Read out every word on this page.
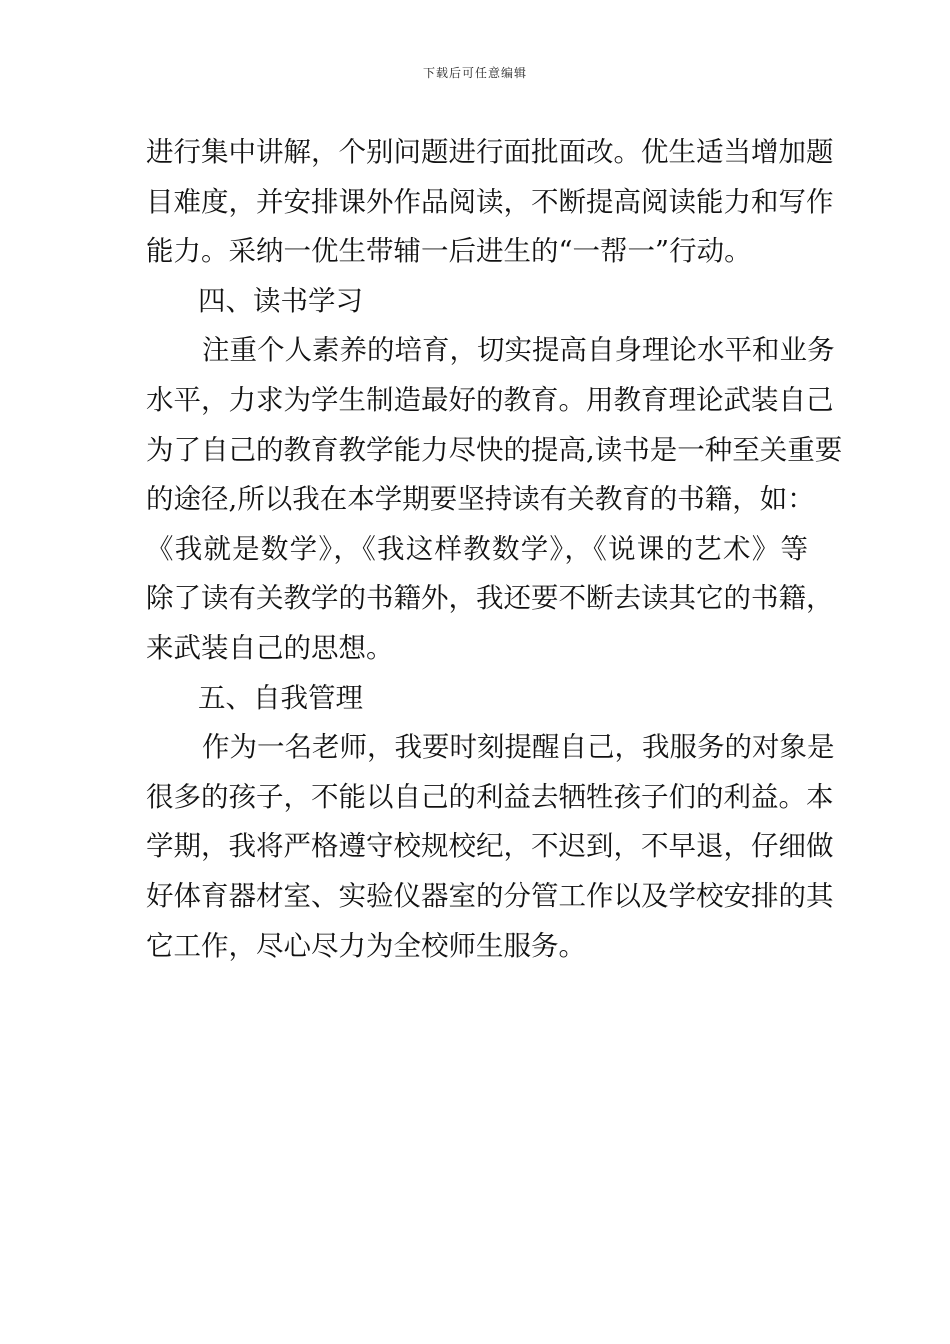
下载后可任意编辑
进行集中讲解，个别问题进行面批面改。优生适当增加题
目难度，并安排课外作品阅读，不断提高阅读能力和写作
能力。采纳一优生带辅一后进生的“一帮一”行动。
四、读书学习
注重个人素养的培育，切实提高自身理论水平和业务
水平，力求为学生制造最好的教育。用教育理论武装自己
为了自己的教育教学能力尽快的提高,读书是一种至关重要
的途径,所以我在本学期要坚持读有关教育的书籍，如：
《我就是数学》，《我这样教数学》，《说课的艺术》等
除了读有关教学的书籍外，我还要不断去读其它的书籍，
来武装自己的思想。
五、自我管理
作为一名老师，我要时刻提醒自己，我服务的对象是
很多的孩子，不能以自己的利益去牺牲孩子们的利益。本
学期，我将严格遵守校规校纪，不迟到，不早退，仔细做
好体育器材室、实验仪器室的分管工作以及学校安排的其
它工作，尽心尽力为全校师生服务。
